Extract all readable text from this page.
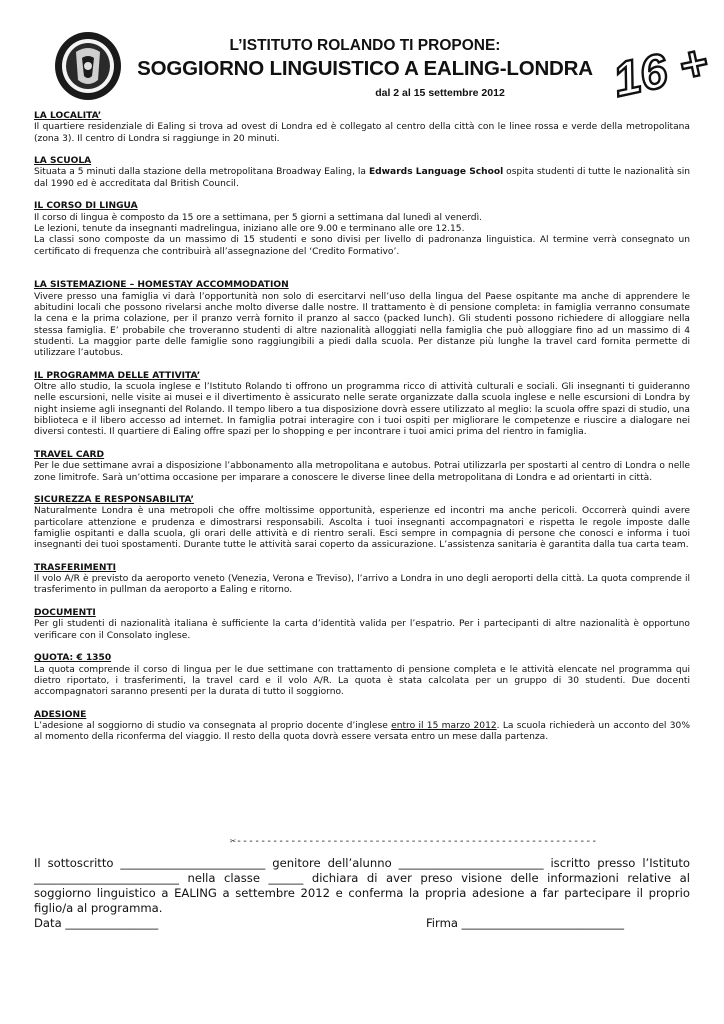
16 +

L’ISTITUTO ROLANDO TI PROPONE:

SOGGIORNO LINGUISTICO A EALING-LONDRA

dal 2 al 15 settembre 2012

LA LOCALITA’
Il quartiere residenziale di Ealing si trova ad ovest di Londra ed è collegato al centro della città con le linee rossa e verde della metropolitana (zona 3). Il centro di Londra si raggiunge in 20 minuti.
LA SCUOLA
Situata a 5 minuti dalla stazione della metropolitana Broadway Ealing, la Edwards Language School ospita studenti di tutte le nazionalità sin dal 1990 ed è accreditata dal British Council.
IL CORSO DI LINGUA
Il corso di lingua è composto da 15 ore a settimana, per 5 giorni a settimana dal lunedì al venerdì.
Le lezioni, tenute da insegnanti madrelingua, iniziano alle ore 9.00 e terminano alle ore 12.15.
La classi sono composte da un massimo di 15 studenti e sono divisi per livello di padronanza linguistica. Al termine verrà consegnato un certificato di frequenza che contribuirà all’assegnazione del ‘Credito Formativo’.
LA SISTEMAZIONE – HOMESTAY ACCOMMODATION
Vivere presso una famiglia vi darà l’opportunità non solo di esercitarvi nell’uso della lingua del Paese ospitante ma anche di apprendere le abitudini locali che possono rivelarsi anche molto diverse dalle nostre. Il trattamento è di pensione completa: in famiglia verranno consumate la cena e la prima colazione, per il pranzo verrà fornito il pranzo al sacco (packed lunch). Gli studenti possono richiedere di alloggiare nella stessa famiglia. E’ probabile che troveranno studenti di altre nazionalità alloggiati nella famiglia che può alloggiare fino ad un massimo di 4 studenti. La maggior parte delle famiglie sono raggiungibili a piedi dalla scuola. Per distanze più lunghe la travel card fornita permette di utilizzare l’autobus.
IL PROGRAMMA DELLE ATTIVITA’
Oltre allo studio, la scuola inglese e l’Istituto Rolando ti offrono un programma ricco di attività culturali e sociali. Gli insegnanti ti guideranno nelle escursioni, nelle visite ai musei e il divertimento è assicurato nelle serate organizzate dalla scuola inglese e nelle escursioni di Londra by night insieme agli insegnanti del Rolando. Il tempo libero a tua disposizione dovrà essere utilizzato al meglio: la scuola offre spazi di studio, una biblioteca e il libero accesso ad internet. In famiglia potrai interagire con i tuoi ospiti per migliorare le competenze e riuscire a dialogare nei diversi contesti. Il quartiere di Ealing offre spazi per lo shopping e per incontrare i tuoi amici prima del rientro in famiglia.
TRAVEL CARD
Per le due settimane avrai a disposizione l’abbonamento alla metropolitana e autobus. Potrai utilizzarla per spostarti al centro di Londra o nelle zone limitrofe. Sarà un’ottima occasione per imparare a conoscere le diverse linee della metropolitana di Londra e ad orientarti in città.
SICUREZZA E RESPONSABILITA’
Naturalmente Londra è una metropoli che offre moltissime opportunità, esperienze ed incontri ma anche pericoli. Occorrerà quindi avere particolare attenzione e prudenza e dimostrarsi responsabili. Ascolta i tuoi insegnanti accompagnatori e rispetta le regole imposte dalle famiglie ospitanti e dalla scuola, gli orari delle attività e di rientro serali. Esci sempre in compagnia di persone che conosci e informa i tuoi insegnanti dei tuoi spostamenti. Durante tutte le attività sarai coperto da assicurazione. L’assistenza sanitaria è garantita dalla tua carta team.
TRASFERIMENTI
Il volo A/R è previsto da aeroporto veneto (Venezia, Verona e Treviso), l’arrivo a Londra in uno degli aeroporti della città. La quota comprende il trasferimento in pullman da aeroporto a Ealing e ritorno.
DOCUMENTI
Per gli studenti di nazionalità italiana è sufficiente la carta d’identità valida per l’espatrio. Per i partecipanti di altre nazionalità è opportuno verificare con il Consolato inglese.
QUOTA: € 1350
La quota comprende il corso di lingua per le due settimane con trattamento di pensione completa e le attività elencate nel programma qui dietro riportato, i trasferimenti, la travel card e il volo A/R. La quota è stata calcolata per un gruppo di 30 studenti. Due docenti accompagnatori saranno presenti per la durata di tutto il soggiorno.
ADESIONE
L’adesione al soggiorno di studio va consegnata al proprio docente d’inglese entro il 15 marzo 2012. La scuola richiederà un acconto del 30% al momento della riconferma del viaggio. Il resto della quota dovrà essere versata entro un mese dalla partenza.
✂------------------------------------------------------------

Il sottoscritto _________________________ genitore dell’alunno _________________________ iscritto presso l’Istituto _________________________ nella classe ______ dichiara di aver preso visione delle informazioni relative al soggiorno linguistico a EALING a settembre 2012 e conferma la propria adesione a far partecipare il proprio figlio/a al programma.

Data ________________	Firma ____________________________
